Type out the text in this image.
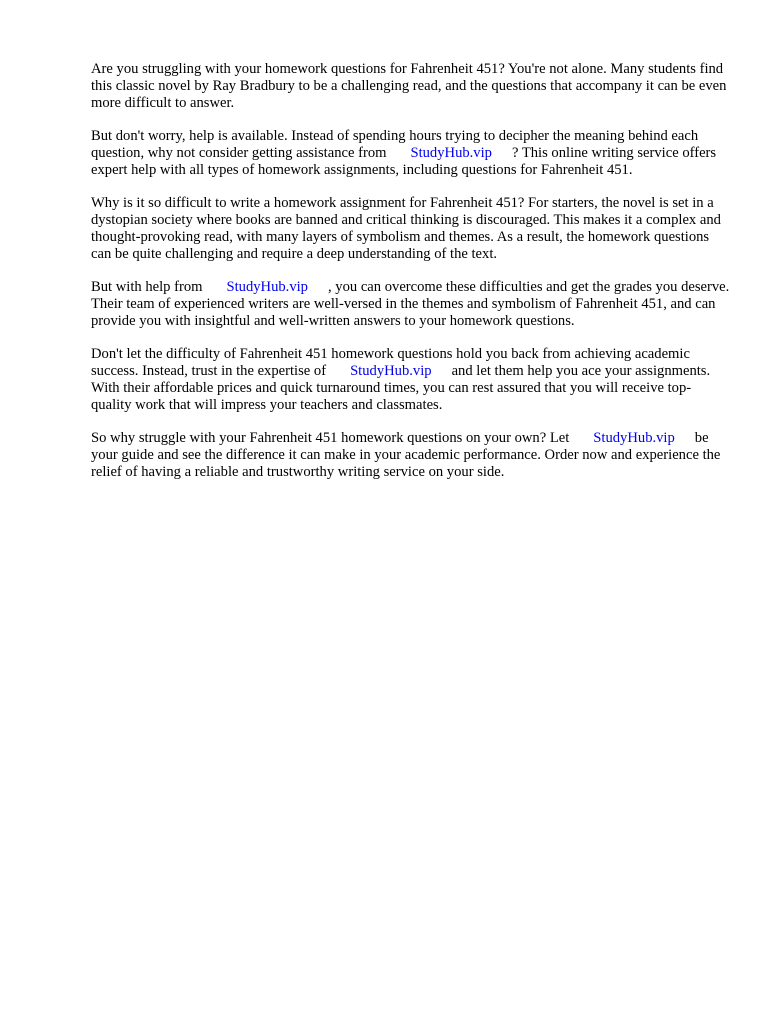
Are you struggling with your homework questions for Fahrenheit 451? You're not alone. Many students find this classic novel by Ray Bradbury to be a challenging read, and the questions that accompany it can be even more difficult to answer.

But don't worry, help is available. Instead of spending hours trying to decipher the meaning behind each question, why not consider getting assistance from StudyHub.vip ? This online writing service offers expert help with all types of homework assignments, including questions for Fahrenheit 451.

Why is it so difficult to write a homework assignment for Fahrenheit 451? For starters, the novel is set in a dystopian society where books are banned and critical thinking is discouraged. This makes it a complex and thought-provoking read, with many layers of symbolism and themes. As a result, the homework questions can be quite challenging and require a deep understanding of the text.

But with help from StudyHub.vip , you can overcome these difficulties and get the grades you deserve. Their team of experienced writers are well-versed in the themes and symbolism of Fahrenheit 451, and can provide you with insightful and well-written answers to your homework questions.

Don't let the difficulty of Fahrenheit 451 homework questions hold you back from achieving academic success. Instead, trust in the expertise of StudyHub.vip and let them help you ace your assignments. With their affordable prices and quick turnaround times, you can rest assured that you will receive top-quality work that will impress your teachers and classmates.

So why struggle with your Fahrenheit 451 homework questions on your own? Let StudyHub.vip be your guide and see the difference it can make in your academic performance. Order now and experience the relief of having a reliable and trustworthy writing service on your side.
